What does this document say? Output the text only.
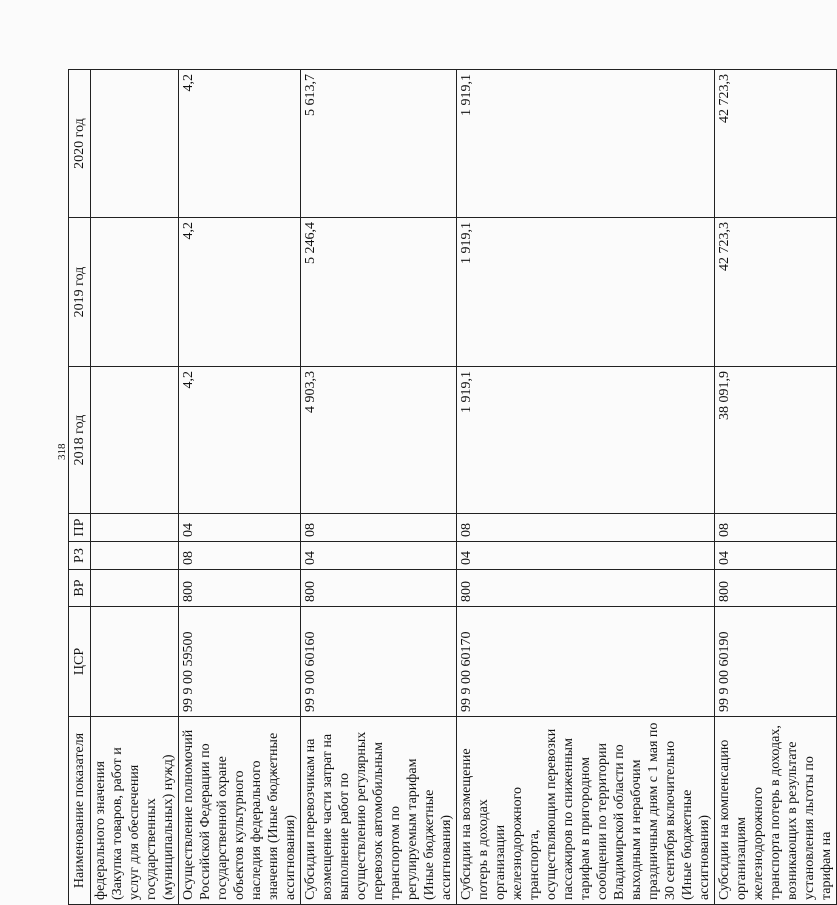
318
Наименование показателя	ЦСР	ВР	РЗ	ПР	2018 год	2019 год	2020 год
федерального значения (Закупка товаров, работ и услуг для обеспечения государственных (муниципальных) нужд)							
Осуществление полномочий Российской Федерации по государственной охране объектов культурного наследия федерального значения (Иные бюджетные ассигнования)	99 9 00 59500	800	08	04	4,2	4,2	4,2
Субсидии перевозчикам на возмещение части затрат на выполнение работ по осуществлению регулярных перевозок автомобильным транспортом по регулируемым тарифам (Иные бюджетные ассигнования)	99 9 00 60160	800	04	08	4 903,3	5 246,4	5 613,7
Субсидии на возмещение потерь в доходах организации железнодорожного транспорта, осуществляющим перевозки пассажиров по сниженным тарифам в пригородном сообщении по территории Владимирской области по выходным и нерабочим праздничным дням с 1 мая по 30 сентября включительно (Иные бюджетные ассигнования)	99 9 00 60170	800	04	08	1 919,1	1 919,1	1 919,1
Субсидии на компенсацию организациям железнодорожного транспорта потерь в доходах, возникающих в результате установления льготы по тарифам на	99 9 00 60190	800	04	08	38 091,9	42 723,3	42 723,3
